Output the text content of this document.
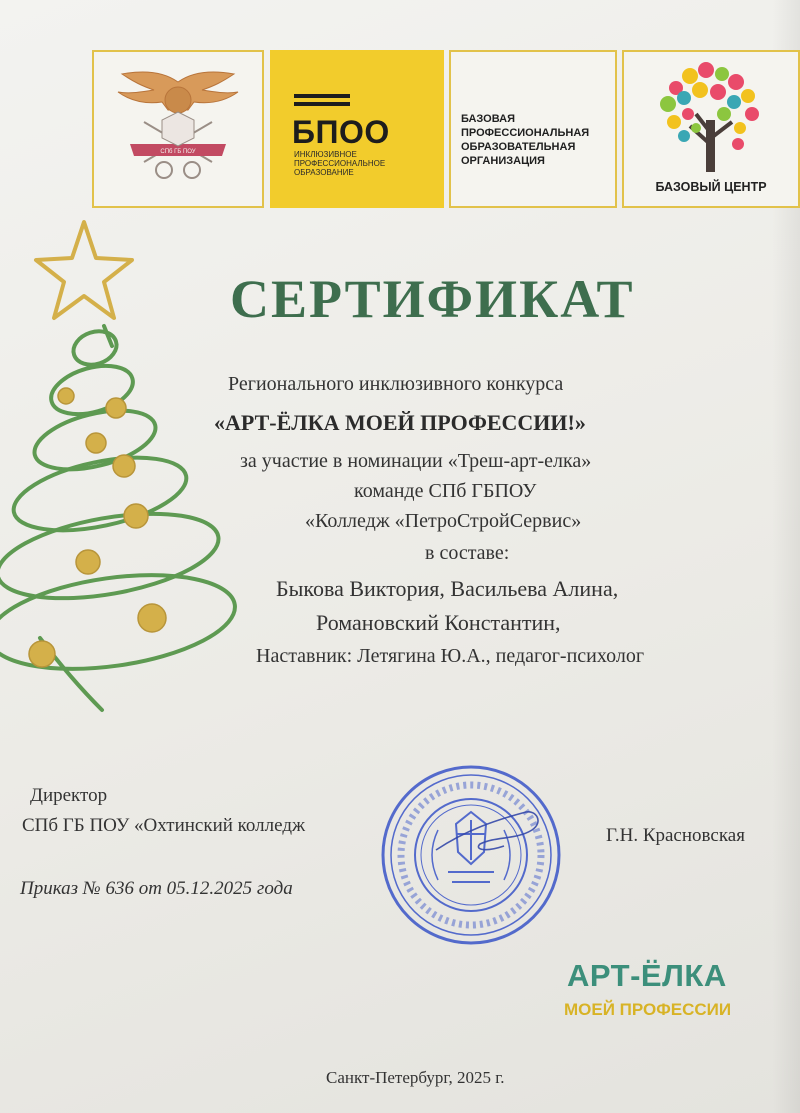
СПб ГБ ПОУ
БПОО
ИНКЛЮЗИВНОЕ
ПРОФЕССИОНАЛЬНОЕ
ОБРАЗОВАНИЕ
БАЗОВАЯ
ПРОФЕССИОНАЛЬНАЯ
ОБРАЗОВАТЕЛЬНАЯ
ОРГАНИЗАЦИЯ
БАЗОВЫЙ ЦЕНТР
СЕРТИФИКАТ
Регионального инклюзивного конкурса
«АРТ-ЁЛКА МОЕЙ ПРОФЕССИИ!»
за участие в номинации «Треш-арт-елка»
команде СПб ГБПОУ
«Колледж «ПетроСтройСервис»
в составе:
Быкова Виктория, Васильева Алина,
Романовский Константин,
Наставник: Летягина Ю.А., педагог-психолог
Директор
СПб ГБ ПОУ «Охтинский колледж	Г.Н. Красновская
Приказ № 636 от 05.12.2025 года
АРТ-ЁЛКА
МОЕЙ ПРОФЕССИИ
Санкт-Петербург, 2025 г.
